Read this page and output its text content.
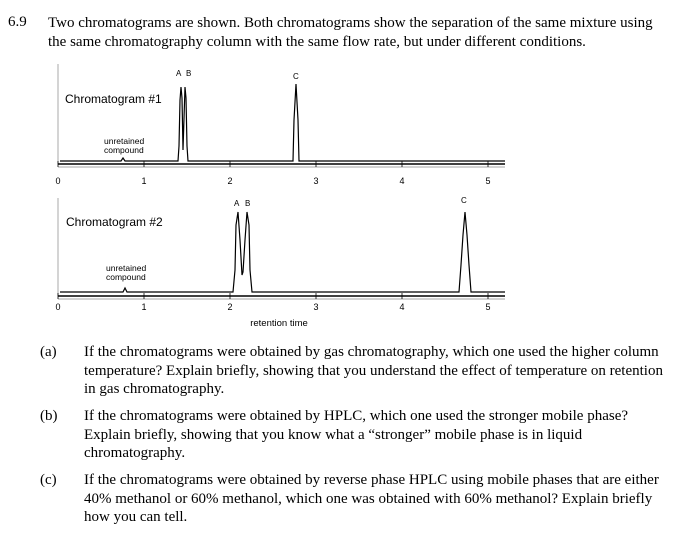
6.9 Two chromatograms are shown. Both chromatograms show the separation of the same mixture using the same chromatography column with the same flow rate, but under different conditions.
Chromatogram #1
unretained
compound
A B	C
0	1	2	3	4	5
Chromatogram #2
unretained
compound
A B	C
0	1	2	3	4	5
retention time
(a) If the chromatograms were obtained by gas chromatography, which one used the higher column temperature? Explain briefly, showing that you understand the effect of temperature on retention in gas chromatography.
(b) If the chromatograms were obtained by HPLC, which one used the stronger mobile phase? Explain briefly, showing that you know what a “stronger” mobile phase is in liquid chromatography.
(c) If the chromatograms were obtained by reverse phase HPLC using mobile phases that are either 40% methanol or 60% methanol, which one was obtained with 60% methanol? Explain briefly how you can tell.
